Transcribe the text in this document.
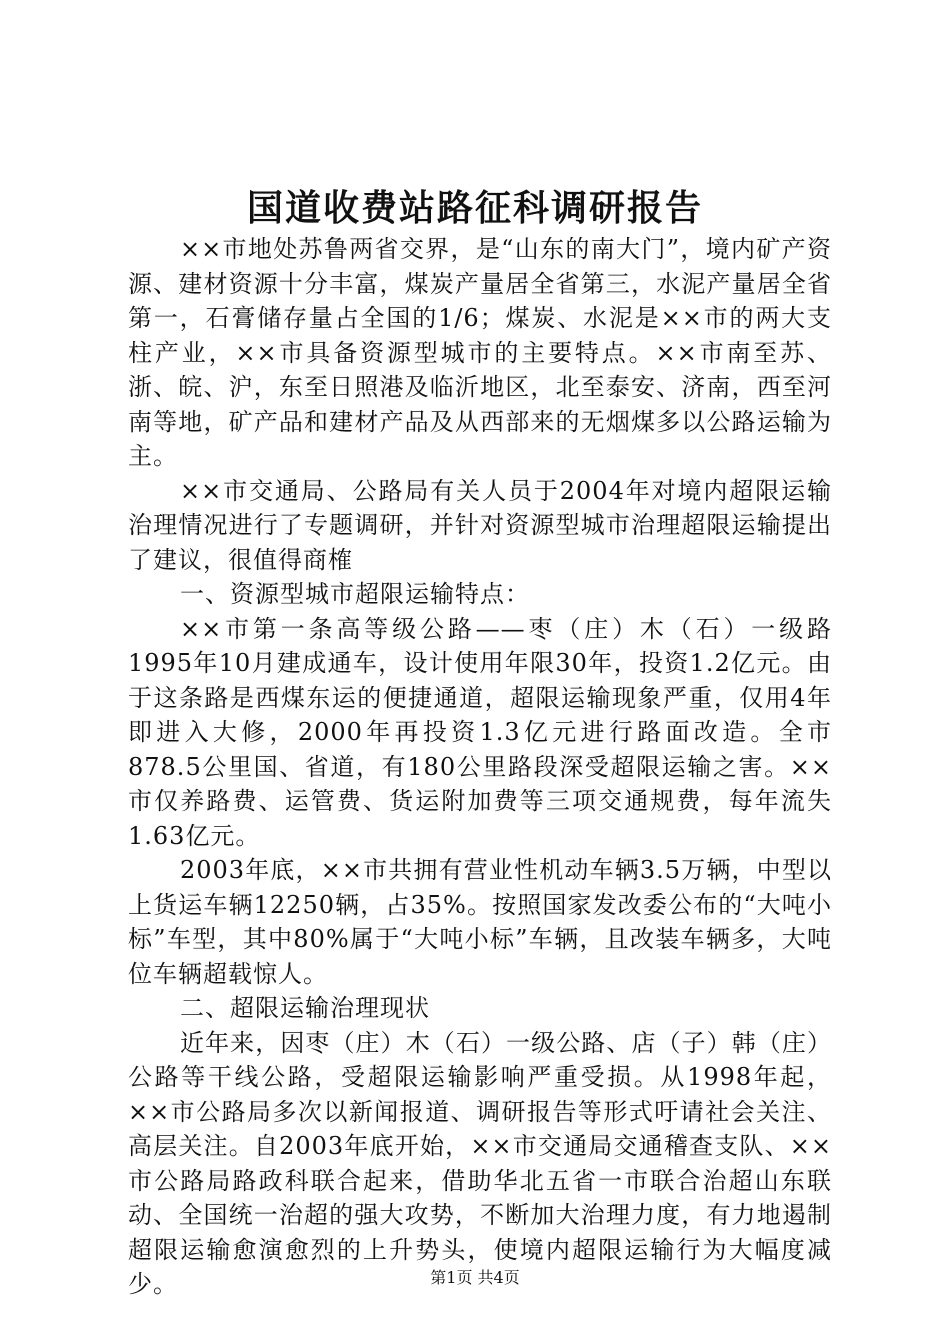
国道收费站路征科调研报告

××市地处苏鲁两省交界，是“山东的南大门”，境内矿产资源、建材资源十分丰富，煤炭产量居全省第三，水泥产量居全省第一，石膏储存量占全国的1/6；煤炭、水泥是××市的两大支柱产业，××市具备资源型城市的主要特点。××市南至苏、浙、皖、沪，东至日照港及临沂地区，北至泰安、济南，西至河南等地，矿产品和建材产品及从西部来的无烟煤多以公路运输为主。

××市交通局、公路局有关人员于2004年对境内超限运输治理情况进行了专题调研，并针对资源型城市治理超限运输提出了建议，很值得商榷

一、资源型城市超限运输特点：

××市第一条高等级公路——枣（庄）木（石）一级路1995年10月建成通车，设计使用年限30年，投资1.2亿元。由于这条路是西煤东运的便捷通道，超限运输现象严重，仅用4年即进入大修，2000年再投资1.3亿元进行路面改造。全市878.5公里国、省道，有180公里路段深受超限运输之害。××市仅养路费、运管费、货运附加费等三项交通规费，每年流失1.63亿元。

2003年底，××市共拥有营业性机动车辆3.5万辆，中型以上货运车辆12250辆，占35%。按照国家发改委公布的“大吨小标”车型，其中80%属于“大吨小标”车辆，且改装车辆多，大吨位车辆超载惊人。

二、超限运输治理现状

近年来，因枣（庄）木（石）一级公路、店（子）韩（庄）公路等干线公路，受超限运输影响严重受损。从1998年起，××市公路局多次以新闻报道、调研报告等形式吁请社会关注、高层关注。自2003年底开始，××市交通局交通稽查支队、××市公路局路政科联合起来，借助华北五省一市联合治超山东联动、全国统一治超的强大攻势，不断加大治理力度，有力地遏制超限运输愈演愈烈的上升势头，使境内超限运输行为大幅度减少。	第1页 共4页
